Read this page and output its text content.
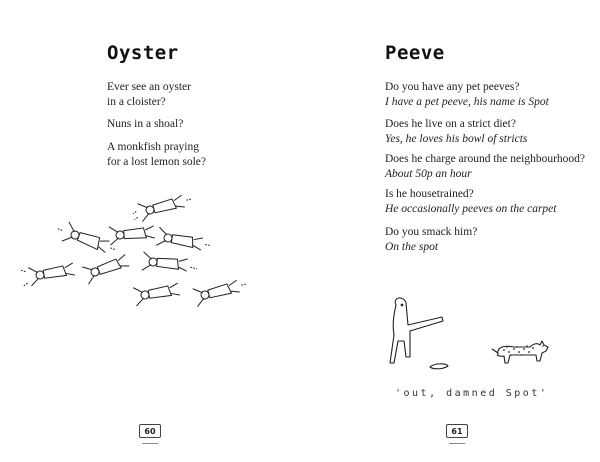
Oyster

Ever see an oyster
in a cloister?

Nuns in a shoal?

A monkfish praying
for a lost lemon sole?

60
Peeve

Do you have any pet peeves?
I have a pet peeve, his name is Spot

Does he live on a strict diet?
Yes, he loves his bowl of stricts

Does he charge around the neighbourhood?
About 50p an hour

Is he housetrained?
He occasionally peeves on the carpet

Do you smack him?
On the spot

'out, damned Spot'
61
